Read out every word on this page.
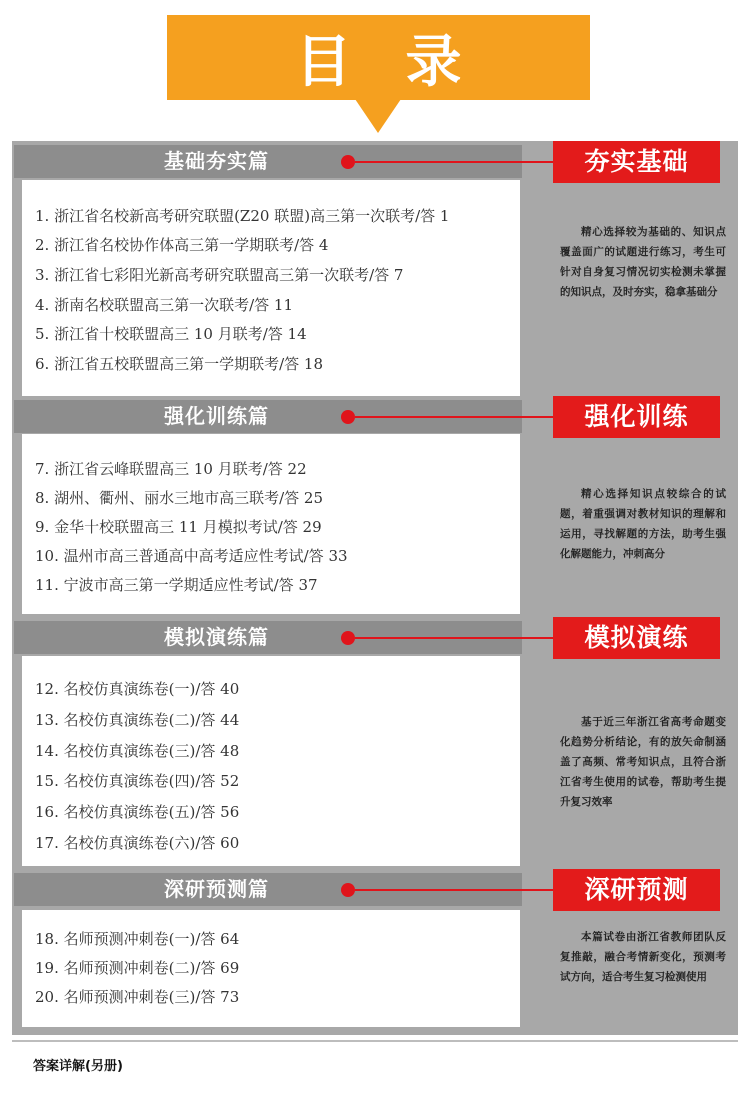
目录
基础夯实篇	夯实基础
1. 浙江省名校新高考研究联盟(Z20 联盟)高三第一次联考/答 1
2. 浙江省名校协作体高三第一学期联考/答 4
3. 浙江省七彩阳光新高考研究联盟高三第一次联考/答 7
4. 浙南名校联盟高三第一次联考/答 11
5. 浙江省十校联盟高三 10 月联考/答 14
6. 浙江省五校联盟高三第一学期联考/答 18
精心选择较为基础的、知识点覆盖面广的试题进行练习，考生可针对自身复习情况切实检测未掌握的知识点，及时夯实，稳拿基础分
强化训练篇	强化训练
7. 浙江省云峰联盟高三 10 月联考/答 22
8. 湖州、衢州、丽水三地市高三联考/答 25
9. 金华十校联盟高三 11 月模拟考试/答 29
10. 温州市高三普通高中高考适应性考试/答 33
11. 宁波市高三第一学期适应性考试/答 37
精心选择知识点较综合的试题，着重强调对教材知识的理解和运用，寻找解题的方法，助考生强化解题能力，冲刺高分
模拟演练篇	模拟演练
12. 名校仿真演练卷(一)/答 40
13. 名校仿真演练卷(二)/答 44
14. 名校仿真演练卷(三)/答 48
15. 名校仿真演练卷(四)/答 52
16. 名校仿真演练卷(五)/答 56
17. 名校仿真演练卷(六)/答 60
基于近三年浙江省高考命题变化趋势分析结论，有的放矢命制涵盖了高频、常考知识点，且符合浙江省考生使用的试卷，帮助考生提升复习效率
深研预测篇	深研预测
18. 名师预测冲刺卷(一)/答 64
19. 名师预测冲刺卷(二)/答 69
20. 名师预测冲刺卷(三)/答 73
本篇试卷由浙江省教师团队反复推敲，融合考情新变化，预测考试方向，适合考生复习检测使用
答案详解(另册)
